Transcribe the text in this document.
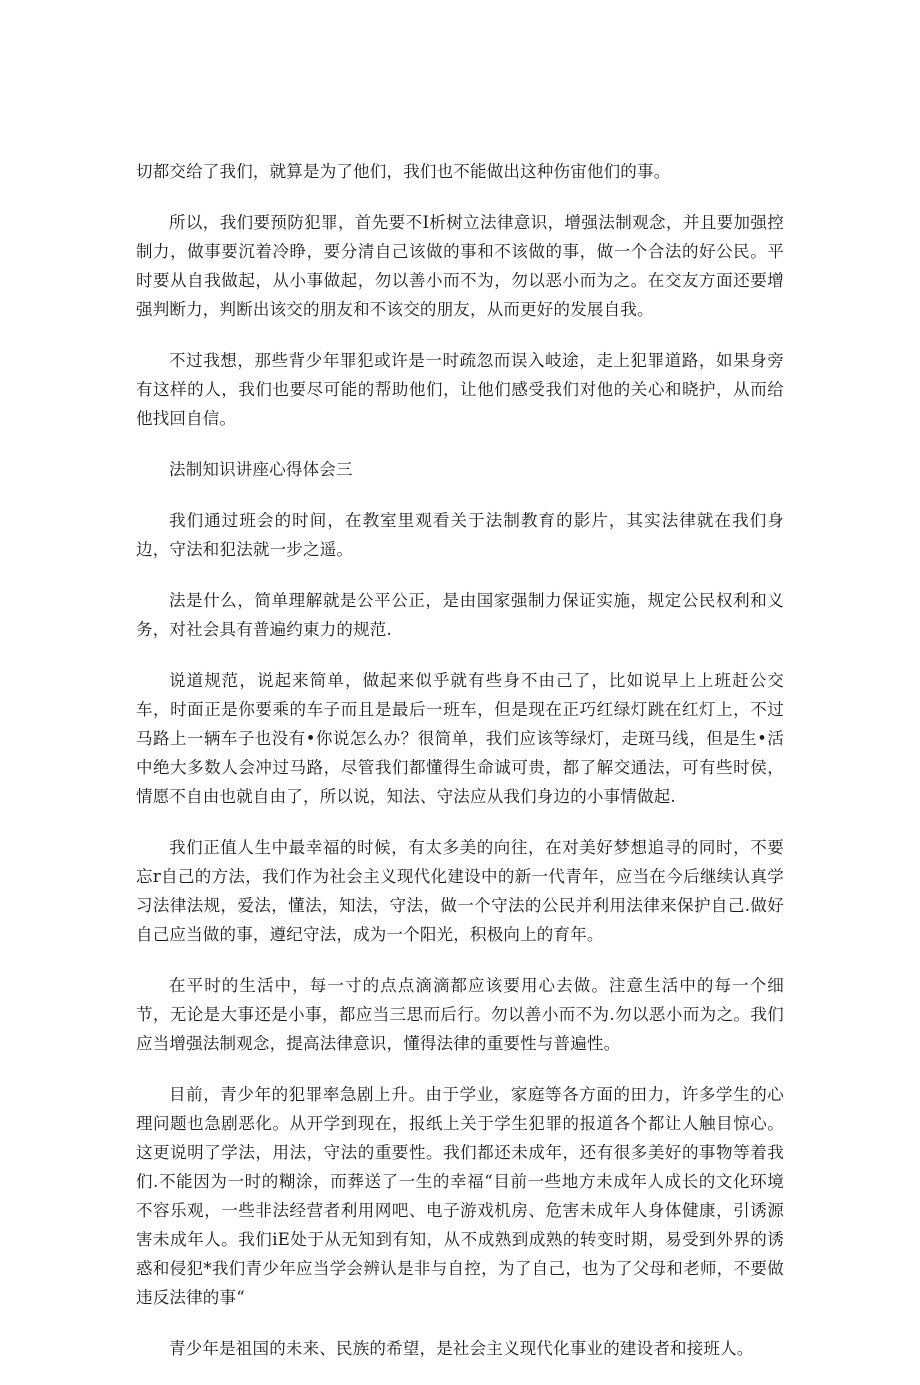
切都交给了我们，就算是为了他们，我们也不能做出这种伤宙他们的事。

所以，我们要预防犯罪，首先要不I析树立法律意识，增强法制观念，并且要加强控制力，做事要沉着冷睁，要分清自己该做的事和不该做的事，做一个合法的好公民。平时要从自我做起，从小事做起，勿以善小而不为，勿以恶小而为之。在交友方面还要增强判断力，判断出该交的朋友和不该交的朋友，从而更好的发展自我。

不过我想，那些背少年罪犯或许是一时疏忽而误入岐途，走上犯罪道路，如果身旁有这样的人，我们也要尽可能的帮助他们，让他们感受我们对他的关心和晓护，从而给他找回自信。

法制知识讲座心得体会三

我们通过班会的时间，在教室里观看关于法制教育的影片，其实法律就在我们身边，守法和犯法就一步之遥。

法是什么，简单理解就是公平公正，是由国家强制力保证实施，规定公民权利和义务，对社会具有普遍约東力的规范.

说道规范，说起来简单，做起来似乎就有些身不由己了，比如说早上上班赶公交车，时面正是你要乘的车子而且是最后一班车，但是现在正巧红绿灯跳在红灯上，不过马路上一辆车子也没有•你说怎么办？很简单，我们应该等绿灯，走斑马线，但是生•活中绝大多数人会冲过马路，尽管我们都懂得生命诚可贵，都了解交通法，可有些时侯，情愿不自由也就自由了，所以说，知法、守法应从我们身边的小事情做起.

我们正值人生中最幸福的时候，有太多美的向往，在对美好梦想追寻的同时，不要忘r自己的方法，我们作为社会主义现代化建设中的新一代青年，应当在今后继续认真学习法律法规，爱法，懂法，知法，守法，做一个守法的公民并利用法律来保护自己.做好自己应当做的事，遵纪守法，成为一个阳光，积极向上的育年。

在平时的生活中，每一寸的点点滴滴都应该要用心去做。注意生活中的每一个细节，无论是大事还是小事，都应当三思而后行。勿以善小而不为.勿以恶小而为之。我们应当增强法制观念，提高法律意识，懂得法律的重要性与普遍性。

目前，青少年的犯罪率急剧上升。由于学业，家庭等各方面的田力，许多学生的心理问题也急剧恶化。从开学到现在，报纸上关于学生犯罪的报道各个都让人触目惊心。这更说明了学法，用法，守法的重要性。我们都还未成年，还有很多美好的事物等着我们.不能因为一时的糊涂，而葬送了一生的幸福“目前一些地方未成年人成长的文化环境不容乐观，一些非法经营者利用网吧、电子游戏机房、危害未成年人身体健康，引诱源害未成年人。我们iE处于从无知到有知，从不成熟到成熟的转变时期，易受到外界的诱惑和侵犯*我们青少年应当学会辨认是非与自控，为了自己，也为了父母和老师，不要做违反法律的事“

青少年是祖国的未来、民族的希望，是社会主义现代化事业的建设者和接班人。
